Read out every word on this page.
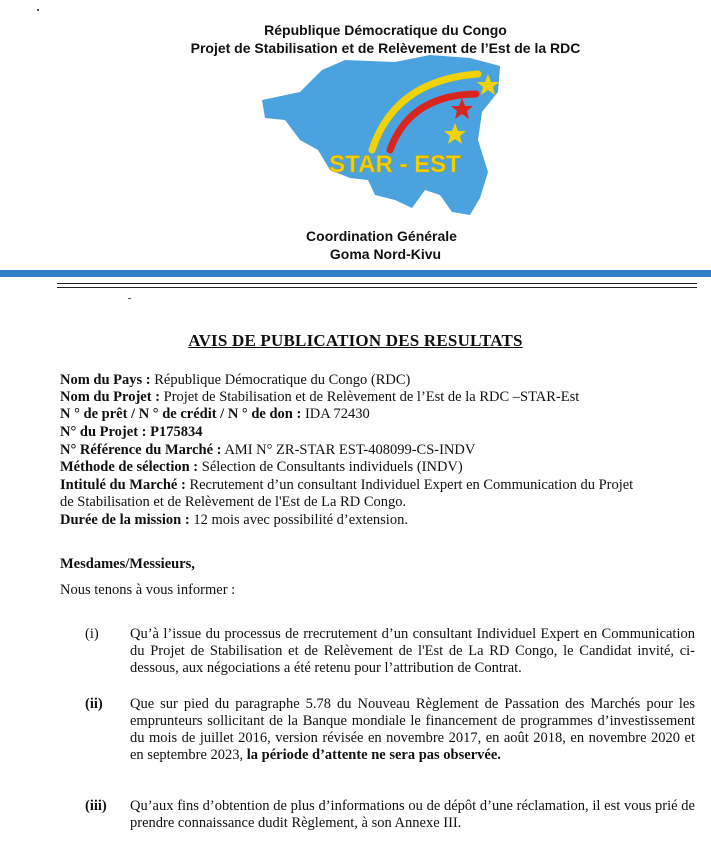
République Démocratique du Congo
Projet de Stabilisation et de Relèvement de l’Est de la RDC
STAR - EST
Coordination Générale
Goma Nord-Kivu
AVIS DE PUBLICATION DES RESULTATS
Nom du Pays : République Démocratique du Congo (RDC)
Nom du Projet : Projet de Stabilisation et de Relèvement de l’Est de la RDC –STAR-Est
N ° de prêt / N ° de crédit / N ° de don : IDA 72430
N° du Projet : P175834
N° Référence du Marché : AMI N° ZR-STAR EST-408099-CS-INDV
Méthode de sélection : Sélection de Consultants individuels (INDV)
Intitulé du Marché : Recrutement d’un consultant Individuel Expert en Communication du Projet
de Stabilisation et de Relèvement de l'Est de La RD Congo.
Durée de la mission : 12 mois avec possibilité d’extension.
Mesdames/Messieurs,
Nous tenons à vous informer :
(i) Qu’à l’issue du processus de rrecrutement d’un consultant Individuel Expert en Communication du Projet de Stabilisation et de Relèvement de l'Est de La RD Congo, le Candidat invité, ci-dessous, aux négociations a été retenu pour l’attribution de Contrat.
(ii) Que sur pied du paragraphe 5.78 du Nouveau Règlement de Passation des Marchés pour les emprunteurs sollicitant de la Banque mondiale le financement de programmes d’investissement du mois de juillet 2016, version révisée en novembre 2017, en août 2018, en novembre 2020 et en septembre 2023, la période d’attente ne sera pas observée.
(iii) Qu’aux fins d’obtention de plus d’informations ou de dépôt d’une réclamation, il est vous prié de prendre connaissance dudit Règlement, à son Annexe III.
